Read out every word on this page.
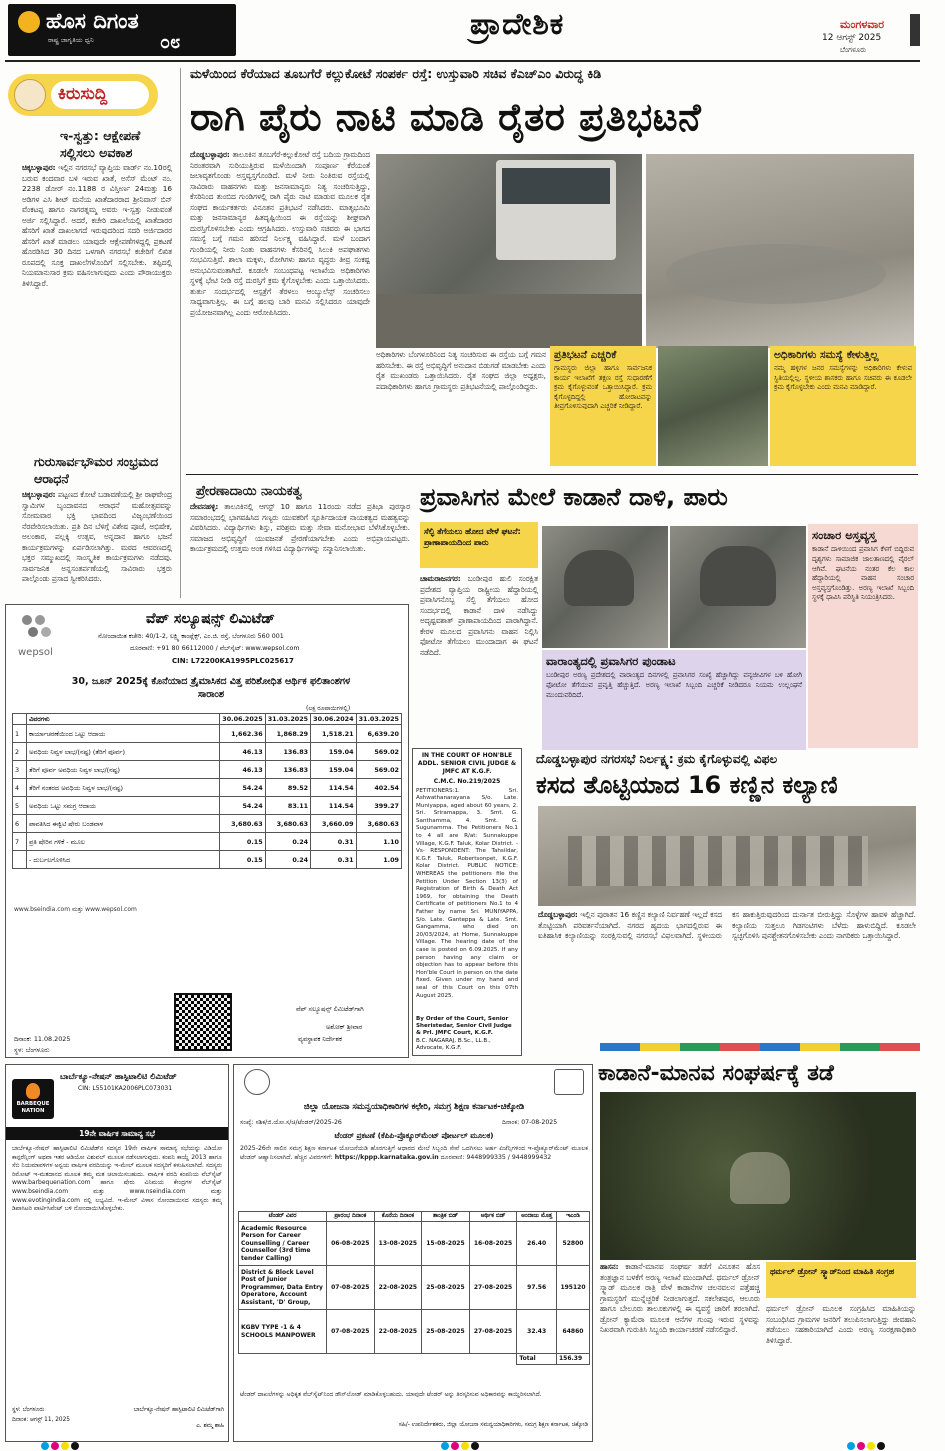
ಹೊಸ ದಿಗಂತ
ರಾಷ್ಟ್ರ ಜಾಗೃತಿಯ ಧ್ವನಿ	೦೮
ಪ್ರಾದೇಶಿಕ	ಮಂಗಳವಾರ
12 ಆಗಸ್ಟ್ 2025
ಬೆಂಗಳೂರು
ಕಿರುಸುದ್ದಿ
ಇ-ಸ್ವತ್ತು: ಆಕ್ಷೇಪಣೆ ಸಲ್ಲಿಸಲು ಅವಕಾಶ
ಚಿಕ್ಕಬಳ್ಳಾಪುರ: ಇಲ್ಲಿನ ನಗರಸಭೆ ವ್ಯಾಪ್ತಿಯ ವಾರ್ಡ್ ನಂ.10ರಲ್ಲಿ ಬರುವ ಕಂದವಾರ ಬಳಿ ಇರುವ ಖಾತೆ, ಅಸೆಸ್ ಮೆಂಟ್ ನಂ. 2238 ಡೋರ್ ನಂ.1188 ರ ವಿಸ್ತೀರ್ಣ 24ಮತ್ತು 16 ಅಡಿಗಳ ಎಸಿ ಶೀಟ್ ಮನೆಯ ಖಾತೆದಾರರಾದ ಶ್ರೀನಿವಾಸ್ ಬಿನ್ ವೆಂಕಟಪ್ಪ ಹಾಗೂ ನಾಗರತ್ನಮ್ಮ ಅವರು ಇ-ಸ್ವತ್ತು ನೀಡುವಂತೆ ಅರ್ಜಿ ಸಲ್ಲಿಸಿದ್ದಾರೆ. ಅದರೆ, ಕಚೇರಿ ದಾಖಲೆಯಲ್ಲಿ ಖಾತೆದಾರರ ಹೆಸರಿಗೆ ಖಾತೆ ದಾಖಲಾಗದೆ ಇರುವುದರಿಂದ ಸದರಿ ಅರ್ಜಿದಾರರ ಹೆಸರಿಗೆ ಖಾತೆ ಮಾಡಲು ಯಾವುದೇ ಆಕ್ಷೇಪಣೆಗಳಿದ್ದಲ್ಲಿ ಪ್ರಕಟಣೆ ಹೊರಡಿಸಿದ 30 ದಿನದ ಒಳಗಾಗಿ ನಗರಸಭೆ ಕಚೇರಿಗೆ ಲಿಖಿತ ರೂಪದಲ್ಲಿ ಸೂಕ್ತ ದಾಖಲೆಗಳೊಂದಿಗೆ ಸಲ್ಲಿಸಬೇಕು. ತಪ್ಪಿದಲ್ಲಿ ನಿಯಮಾನುಸಾರ ಕ್ರಮ ವಹಿಸಲಾಗುವುದು ಎಂದು ಪೌರಾಯುಕ್ತರು ತಿಳಿಸಿದ್ದಾರೆ.
ಗುರುಸಾರ್ವಭೌಮರ ಸಂಭ್ರಮದ ಆರಾಧನೆ
ಚಿಕ್ಕಬಳ್ಳಾಪುರ: ಪಟ್ಟಣದ ಕೋಟೆ ಬಡಾವಣೆಯಲ್ಲಿ ಶ್ರೀ ರಾಘವೇಂದ್ರ ಸ್ವಾಮಿಗಳ ಬೃಂದಾವನದ ಆರಾಧನೆ ಮಹೋತ್ಸವವನ್ನು ಸೋಮವಾರ ಭಕ್ತಿ ಭಾವದಿಂದ ವಿಜೃಂಭಣೆಯಿಂದ ನೆರವೇರಿಸಲಾಯಿತು. ಪ್ರತಿ ದಿನ ಬೆಳಿಗ್ಗೆ ವಿಶೇಷ ಪೂಜೆ, ಅಭಿಷೇಕ, ಅಲಂಕಾರ, ಪಲ್ಲಕ್ಕಿ ಉತ್ಸವ, ಅನ್ನದಾನ ಹಾಗೂ ಭಜನೆ ಕಾರ್ಯಕ್ರಮಗಳನ್ನು ಏರ್ಪಡಿಸಲಾಗಿತ್ತು. ಮಠದ ಆವರಣದಲ್ಲಿ ಭಕ್ತರ ಸಮ್ಮುಖದಲ್ಲಿ ಸಾಂಸ್ಕೃತಿಕ ಕಾರ್ಯಕ್ರಮಗಳು ನಡೆದವು. ಸಾರ್ವಜನಿಕ ಅನ್ನಸಂತರ್ಪಣೆಯಲ್ಲಿ ಸಾವಿರಾರು ಭಕ್ತರು ಪಾಲ್ಗೊಂಡು ಪ್ರಸಾದ ಸ್ವೀಕರಿಸಿದರು.
ಮಳೆಯಿಂದ ಕೆರೆಯಾದ ತೂಬಗೆರೆ ಕಲ್ಲುಕೋಟೆ ಸಂಪರ್ಕ ರಸ್ತೆ: ಉಸ್ತುವಾರಿ ಸಚಿವ ಕೆಎಚ್ಎಂ ವಿರುದ್ಧ ಕಿಡಿ
ರಾಗಿ ಪೈರು ನಾಟಿ ಮಾಡಿ ರೈತರ ಪ್ರತಿಭಟನೆ
ದೊಡ್ಡಬಳ್ಳಾಪುರ: ತಾಲೂಕಿನ ತೂಬಗೆರೆ-ಕಲ್ಲುಕೋಟೆ ರಸ್ತೆ ಬದಿಯ ಗ್ರಾಮದಿಂದ ನಿರಂತರವಾಗಿ ಸುರಿಯುತ್ತಿರುವ ಮಳೆಯಿಂದಾಗಿ ಸಂಪೂರ್ಣ ಕೆರೆಯಂತೆ ಜಲಾವೃತಗೊಂಡು ಅಸ್ತವ್ಯಸ್ತಗೊಂಡಿದೆ. ಮಳೆ ನೀರು ನಿಂತಿರುವ ರಸ್ತೆಯಲ್ಲಿ ಸಾವಿರಾರು ವಾಹನಗಳು ಮತ್ತು ಜನಸಾಮಾನ್ಯರು ನಿತ್ಯ ಸಂಚರಿಸುತ್ತಿದ್ದು, ಕೆಸರಿನಿಂದ ತುಂಬಿದ ಗುಂಡಿಗಳಲ್ಲಿ ರಾಗಿ ಪೈರು ನಾಟಿ ಮಾಡುವ ಮೂಲಕ ರೈತ ಸಂಘದ ಕಾರ್ಯಕರ್ತರು ವಿನೂತನ ಪ್ರತಿಭಟನೆ ನಡೆಸಿದರು. ಮಾತೃಭೂಮಿ ಮತ್ತು ಜನಸಾಮಾನ್ಯರ ಹಿತದೃಷ್ಟಿಯಿಂದ ಈ ರಸ್ತೆಯನ್ನು ಶೀಘ್ರವಾಗಿ ದುರಸ್ತಿಗೊಳಿಸಬೇಕು ಎಂದು ಆಗ್ರಹಿಸಿದರು. ಉಸ್ತುವಾರಿ ಸಚಿವರು ಈ ಭಾಗದ ಸಮಸ್ಯೆ ಬಗ್ಗೆ ಗಮನ ಹರಿಸದೆ ನಿರ್ಲಕ್ಷ್ಯ ವಹಿಸಿದ್ದಾರೆ. ಮಳೆ ಬಂದಾಗ ಗುಂಡಿಯಲ್ಲಿ ನೀರು ನಿಂತು ವಾಹನಗಳು ಕೆಸರಿನಲ್ಲಿ ಸಿಲುಕಿ ಅಪಘಾತಗಳು ಸಂಭವಿಸುತ್ತಿವೆ. ಶಾಲಾ ಮಕ್ಕಳು, ರೋಗಿಗಳು ಹಾಗೂ ವೃದ್ಧರು ತೀವ್ರ ಸಂಕಷ್ಟ ಅನುಭವಿಸುವಂತಾಗಿದೆ. ಕೂಡಲೇ ಸಂಬಂಧಪಟ್ಟ ಇಲಾಖೆಯ ಅಧಿಕಾರಿಗಳು ಸ್ಥಳಕ್ಕೆ ಭೇಟಿ ನೀಡಿ ರಸ್ತೆ ದುರಸ್ತಿಗೆ ಕ್ರಮ ಕೈಗೊಳ್ಳಬೇಕು ಎಂದು ಒತ್ತಾಯಿಸಿದರು. ತುರ್ತು ಸಂದರ್ಭದಲ್ಲಿ ಆಸ್ಪತ್ರೆಗೆ ತೆರಳಲು ಆಂಬ್ಯುಲೆನ್ಸ್ ಸಂಚರಿಸಲು ಸಾಧ್ಯವಾಗುತ್ತಿಲ್ಲ. ಈ ಬಗ್ಗೆ ಹಲವು ಬಾರಿ ಮನವಿ ಸಲ್ಲಿಸಿದರೂ ಯಾವುದೇ ಪ್ರಯೋಜನವಾಗಿಲ್ಲ ಎಂದು ಆರೋಪಿಸಿದರು.
ಅಧಿಕಾರಿಗಳು ಬೆಂಗಳೂರಿನಿಂದ ನಿತ್ಯ ಸಂಚರಿಸುವ ಈ ರಸ್ತೆಯ ಬಗ್ಗೆ ಗಮನ ಹರಿಸಬೇಕು. ಈ ರಸ್ತೆ ಅಭಿವೃದ್ಧಿಗೆ ಅನುದಾನ ಬಿಡುಗಡೆ ಮಾಡಬೇಕು ಎಂದು ರೈತ ಮುಖಂಡರು ಒತ್ತಾಯಿಸಿದರು. ರೈತ ಸಂಘದ ಜಿಲ್ಲಾ ಅಧ್ಯಕ್ಷರು, ಪದಾಧಿಕಾರಿಗಳು ಹಾಗೂ ಗ್ರಾಮಸ್ಥರು ಪ್ರತಿಭಟನೆಯಲ್ಲಿ ಪಾಲ್ಗೊಂಡಿದ್ದರು.
ಪ್ರತಿಭಟನೆ ಎಚ್ಚರಿಕೆ
ಗ್ರಾಮಸ್ಥರು ಜಿಲ್ಲಾ ಹಾಗೂ ಸಾರ್ವಜನಿಕ ಕಾರ್ಯ ಇಲಾಖೆಗೆ ತಕ್ಷಣ ರಸ್ತೆ ಸುಧಾರಣೆಗೆ ಕ್ರಮ ಕೈಗೊಳ್ಳುವಂತೆ ಒತ್ತಾಯಿಸಿದ್ದಾರೆ. ಕ್ರಮ ಕೈಗೊಳ್ಳದಿದ್ದಲ್ಲಿ ಹೋರಾಟವನ್ನು ತೀವ್ರಗೊಳಿಸುವುದಾಗಿ ಎಚ್ಚರಿಕೆ ನೀಡಿದ್ದಾರೆ.
ಅಧಿಕಾರಿಗಳು ಸಮಸ್ಯೆ ಕೇಳುತ್ತಿಲ್ಲ
ನಮ್ಮ ಹಳ್ಳಿಗಳ ಜನರ ಸಮಸ್ಯೆಗಳನ್ನು ಅಧಿಕಾರಿಗಳು ಕೇಳುವ ಸ್ಥಿತಿಯಲ್ಲಿಲ್ಲ. ಸ್ಥಳೀಯ ಶಾಸಕರು ಹಾಗೂ ಸಚಿವರು ಈ ಕೂಡಲೇ ಕ್ರಮ ಕೈಗೊಳ್ಳಬೇಕು ಎಂದು ಮನವಿ ಮಾಡಿದ್ದಾರೆ.
ಪ್ರೇರಣಾದಾಯಿ ನಾಯಕತ್ವ
ದೇವನಹಳ್ಳಿ: ತಾಲೂಕಿನಲ್ಲಿ ಆಗಸ್ಟ್ 10 ಹಾಗೂ 11ರಂದು ನಡೆದ ಪ್ರತಿಭಾ ಪುರಸ್ಕಾರ ಸಮಾರಂಭದಲ್ಲಿ ಭಾಗವಹಿಸಿದ ಗಣ್ಯರು ಯುವಕರಿಗೆ ಸ್ಪೂರ್ತಿದಾಯಕ ನಾಯಕತ್ವದ ಮಹತ್ವವನ್ನು ವಿವರಿಸಿದರು. ವಿದ್ಯಾರ್ಥಿಗಳು ಶಿಸ್ತು, ಪರಿಶ್ರಮ ಮತ್ತು ಸೇವಾ ಮನೋಭಾವ ಬೆಳೆಸಿಕೊಳ್ಳಬೇಕು. ಸಮಾಜದ ಅಭಿವೃದ್ಧಿಗೆ ಯುವಜನತೆ ಪ್ರೇರಣೆಯಾಗಬೇಕು ಎಂದು ಅಭಿಪ್ರಾಯಪಟ್ಟರು. ಕಾರ್ಯಕ್ರಮದಲ್ಲಿ ಉತ್ತಮ ಅಂಕ ಗಳಿಸಿದ ವಿದ್ಯಾರ್ಥಿಗಳನ್ನು ಸನ್ಮಾನಿಸಲಾಯಿತು.
ಪ್ರವಾಸಿಗನ ಮೇಲೆ ಕಾಡಾನೆ ದಾಳಿ, ಪಾರು
ಸೆಲ್ಫಿ ತೆಗೆಯಲು ಹೋದ ವೇಳೆ ಘಟನೆ: ಪ್ರಾಣಾಪಾಯದಿಂದ ಪಾರು
ಚಾಮರಾಜನಗರ: ಬಂಡೀಪುರ ಹುಲಿ ಸಂರಕ್ಷಿತ ಪ್ರದೇಶದ ವ್ಯಾಪ್ತಿಯ ರಾಷ್ಟ್ರೀಯ ಹೆದ್ದಾರಿಯಲ್ಲಿ ಪ್ರವಾಸಿಗನೊಬ್ಬ ಸೆಲ್ಫಿ ತೆಗೆಯಲು ಹೋದ ಸಂದರ್ಭದಲ್ಲಿ ಕಾಡಾನೆ ದಾಳಿ ನಡೆಸಿದ್ದು ಅದೃಷ್ಟವಶಾತ್ ಪ್ರಾಣಾಪಾಯದಿಂದ ಪಾರಾಗಿದ್ದಾನೆ. ಕೇರಳ ಮೂಲದ ಪ್ರವಾಸಿಗನು ವಾಹನ ನಿಲ್ಲಿಸಿ ಫೋಟೋ ತೆಗೆಯಲು ಮುಂದಾದಾಗ ಈ ಘಟನೆ ನಡೆದಿದೆ.
ಸಂಚಾರ ಅಸ್ತವ್ಯಸ್ತ
ಕಾಡಾನೆ ದಾಳಿಯಿಂದ ಪ್ರವಾಸಿಗ ಕೆಳಗೆ ಬಿದ್ದಿರುವ ದೃಶ್ಯಗಳು ಸಾಮಾಜಿಕ ಜಾಲತಾಣದಲ್ಲಿ ವೈರಲ್ ಆಗಿವೆ. ಘಟನೆಯ ನಂತರ ಕೆಲ ಕಾಲ ಹೆದ್ದಾರಿಯಲ್ಲಿ ವಾಹನ ಸಂಚಾರ ಅಸ್ತವ್ಯಸ್ತಗೊಂಡಿತ್ತು. ಅರಣ್ಯ ಇಲಾಖೆ ಸಿಬ್ಬಂದಿ ಸ್ಥಳಕ್ಕೆ ಧಾವಿಸಿ ಪರಿಸ್ಥಿತಿ ನಿಯಂತ್ರಿಸಿದರು.
ವಾರಾಂತ್ಯದಲ್ಲಿ ಪ್ರವಾಸಿಗರ ಪುಂಡಾಟ
ಬಂಡೀಪುರ ಅರಣ್ಯ ಪ್ರದೇಶದಲ್ಲಿ ವಾರಾಂತ್ಯದ ದಿನಗಳಲ್ಲಿ ಪ್ರವಾಸಿಗರ ಸಂಖ್ಯೆ ಹೆಚ್ಚಾಗಿದ್ದು ವನ್ಯಜೀವಿಗಳ ಬಳಿ ಹೋಗಿ ಫೋಟೋ ತೆಗೆಯುವ ಪ್ರವೃತ್ತಿ ಹೆಚ್ಚುತ್ತಿದೆ. ಅರಣ್ಯ ಇಲಾಖೆ ಸಿಬ್ಬಂದಿ ಎಚ್ಚರಿಕೆ ನೀಡಿದರೂ ನಿಯಮ ಉಲ್ಲಂಘನೆ ಮುಂದುವರಿದಿದೆ.
wepsol
ವೆಪ್ ಸಲ್ಯೂಷನ್ಸ್ ಲಿಮಿಟೆಡ್
ನೋಂದಾಯಿತ ಕಚೇರಿ: 40/1-2, ಲಕ್ಷ್ಮಿ ಕಾಂಪ್ಲೆಕ್ಸ್, ಎಂ.ಜಿ. ರಸ್ತೆ, ಬೆಂಗಳೂರು 560 001
ದೂರವಾಣಿ: +91 80 66112000 / ವೆಬ್‌ಸೈಟ್: www.wepsol.com
CIN: L72200KA1995PLC025617
30, ಜೂನ್ 2025ಕ್ಕೆ ಕೊನೆಯಾದ ತ್ರೈಮಾಸಿಕದ ವಿತ್ತ ಪರಿಶೋಧಿತ ಆರ್ಥಿಕ ಫಲಿತಾಂಶಗಳ ಸಾರಾಂಶ
(ಲಕ್ಷ ರೂಪಾಯಿಗಳಲ್ಲಿ)
	ವಿವರಗಳು	30.06.2025	31.03.2025	30.06.2024	31.03.2025
1	ಕಾರ್ಯಾಚರಣೆಯಿಂದ ಒಟ್ಟು ಆದಾಯ	1,662.36	1,868.29	1,518.21	6,639.20
2	ಅವಧಿಯ ನಿವ್ವಳ ಲಾಭ/(ನಷ್ಟ) (ತೆರಿಗೆ ಪೂರ್ವ)	46.13	136.83	159.04	569.02
3	ತೆರಿಗೆ ಪೂರ್ವ ಅವಧಿಯ ನಿವ್ವಳ ಲಾಭ/(ನಷ್ಟ)	46.13	136.83	159.04	569.02
4	ತೆರಿಗೆ ನಂತರದ ಅವಧಿಯ ನಿವ್ವಳ ಲಾಭ/(ನಷ್ಟ)	54.24	89.52	114.54	402.54
5	ಅವಧಿಯ ಒಟ್ಟು ಸಮಗ್ರ ಆದಾಯ	54.24	83.11	114.54	399.27
6	ಪಾವತಿಸಿದ ಈಕ್ವಿಟಿ ಷೇರು ಬಂಡವಾಳ	3,680.63	3,680.63	3,660.09	3,680.63
7	ಪ್ರತಿ ಷೇರಿನ ಗಳಿಕೆ - ಮೂಲ	0.15	0.24	0.31	1.10
	- ದುರ್ಬಲಗೊಳಿಸಿದ	0.15	0.24	0.31	1.09
www.bseindia.com ಮತ್ತು www.wepsol.com
ವೆಪ್ ಸಲ್ಯೂಷನ್ಸ್ ಲಿಮಿಟೆಡ್‌ಗಾಗಿ
ಅಶೋಕ್ ಶ್ರೀವಾರ
ವ್ಯವಸ್ಥಾಪಕ ನಿರ್ದೇಶಕ
ದಿನಾಂಕ: 11.08.2025
ಸ್ಥಳ: ಬೆಂಗಳೂರು
IN THE COURT OF HON'BLE ADDL. SENIOR CIVIL JUDGE & JMFC AT K.G.F.
C.M.C. No.219/2025
PETITIONERS:1. Sri. Ashwathanarayana S/o. Late. Muniyappa, aged about 60 years, 2. Sri. Sriramappa, 3. Smt. G. Santhamma, 4. Smt. G. Sugunamma. The Petitioners No.1 to 4 all are R/at: Sunnakuppe Village, K.G.F. Taluk, Kolar District. -Vs- RESPONDENT: The Tahsildar, K.G.F. Taluk, Robertsonpet, K.G.F. Kolar District. PUBLIC NOTICE: WHEREAS the petitioners file the Petition Under Section 13(3) of Registration of Birth & Death Act 1969, for obtaining the Death Certificate of petitioners No.1 to 4 Father by name Sri. MUNIYAPPA, S/o. Late. Ganteppa & Late. Smt. Gangamma, who died on 20/03/2024, at Home, Sunnakuppe Village. The hearing date of the case is posted on 6.09.2025. If any person having any claim or objection has to appear before this Hon'ble Court in person on the date fixed. Given under my hand and seal of this Court on this 07th August 2025.
By Order of the Court, Senior Sheristedar, Senior Civil Judge & Prl. JMFC Court, K.G.F.
B.C. NAGARAJ, B.Sc., LL.B., Advocate, K.G.F.
ದೊಡ್ಡಬಳ್ಳಾಪುರ ನಗರಸಭೆ ನಿರ್ಲಕ್ಷ್ಯ: ಕ್ರಮ ಕೈಗೊಳ್ಳುವಲ್ಲಿ ವಿಫಲ
ಕಸದ ತೊಟ್ಟಿಯಾದ 16 ಕಣ್ಣಿನ ಕಲ್ಯಾಣಿ
ದೊಡ್ಡಬಳ್ಳಾಪುರ: ಇಲ್ಲಿನ ಪುರಾತನ 16 ಕಣ್ಣಿನ ಕಲ್ಯಾಣಿ ನಿರ್ವಹಣೆ ಇಲ್ಲದೆ ಕಸದ ತೊಟ್ಟಿಯಾಗಿ ಪರಿವರ್ತನೆಯಾಗಿದೆ. ನಗರದ ಹೃದಯ ಭಾಗದಲ್ಲಿರುವ ಈ ಐತಿಹಾಸಿಕ ಕಲ್ಯಾಣಿಯನ್ನು ಸಂರಕ್ಷಿಸುವಲ್ಲಿ ನಗರಸಭೆ ವಿಫಲವಾಗಿದೆ. ಸ್ಥಳೀಯರು ಕಸ ಹಾಕುತ್ತಿರುವುದರಿಂದ ದುರ್ನಾತ ಬೀರುತ್ತಿದ್ದು ಸೊಳ್ಳೆಗಳ ಹಾವಳಿ ಹೆಚ್ಚಾಗಿದೆ. ಕಲ್ಯಾಣಿಯ ಸುತ್ತಲೂ ಗಿಡಗಂಟಿಗಳು ಬೆಳೆದು ಹಾಳುಬಿದ್ದಿದೆ. ಕೂಡಲೇ ಸ್ವಚ್ಛಗೊಳಿಸಿ ಪುನಶ್ಚೇತನಗೊಳಿಸಬೇಕು ಎಂದು ನಾಗರಿಕರು ಒತ್ತಾಯಿಸಿದ್ದಾರೆ.
ಕಾಡಾನೆ-ಮಾನವ ಸಂಘರ್ಷಕ್ಕೆ ತಡೆ
ಹಾಸನ: ಕಾಡಾನೆ-ಮಾನವ ಸಂಘರ್ಷ ತಡೆಗೆ ವಿನೂತನ ಹೊಸ ತಂತ್ರಜ್ಞಾನ ಬಳಕೆಗೆ ಅರಣ್ಯ ಇಲಾಖೆ ಮುಂದಾಗಿದೆ. ಥರ್ಮಲ್ ಡ್ರೋನ್ ಸ್ಕ್ವಾಡ್ ಮೂಲಕ ರಾತ್ರಿ ವೇಳೆ ಕಾಡಾನೆಗಳ ಚಲನವಲನ ಪತ್ತೆಹಚ್ಚಿ ಗ್ರಾಮಸ್ಥರಿಗೆ ಮುನ್ನೆಚ್ಚರಿಕೆ ನೀಡಲಾಗುತ್ತದೆ. ಸಕಲೇಶಪುರ, ಆಲೂರು ಹಾಗೂ ಬೇಲೂರು ತಾಲೂಕುಗಳಲ್ಲಿ ಈ ವ್ಯವಸ್ಥೆ ಜಾರಿಗೆ ತರಲಾಗಿದೆ. ಡ್ರೋನ್ ಕ್ಯಾಮೆರಾ ಮೂಲಕ ಆನೆಗಳ ಗುಂಪು ಇರುವ ಸ್ಥಳವನ್ನು ನಿಖರವಾಗಿ ಗುರುತಿಸಿ ಸಿಬ್ಬಂದಿ ಕಾರ್ಯಾಚರಣೆ ನಡೆಸಲಿದ್ದಾರೆ.
ಥರ್ಮಲ್ ಡ್ರೋನ್ ಸ್ಕ್ವಾಡ್‌ನಿಂದ ಮಾಹಿತಿ ಸಂಗ್ರಹ
ಥರ್ಮಲ್ ಡ್ರೋನ್ ಮೂಲಕ ಸಂಗ್ರಹಿಸಿದ ಮಾಹಿತಿಯನ್ನು ಸಂಬಂಧಿಸಿದ ಗ್ರಾಮಗಳ ಜನರಿಗೆ ತಲುಪಿಸಲಾಗುತ್ತಿದ್ದು ಜೀವಹಾನಿ ತಡೆಯಲು ಸಹಕಾರಿಯಾಗಿದೆ ಎಂದು ಅರಣ್ಯ ಸಂರಕ್ಷಣಾಧಿಕಾರಿ ತಿಳಿಸಿದ್ದಾರೆ.
BARBEQUE NATION
ಬಾರ್ಬೆಕ್ಯೂ-ನೇಷನ್ ಹಾಸ್ಪಿಟಾಲಿಟಿ ಲಿಮಿಟೆಡ್
CIN: L55101KA2006PLC073031
19ನೇ ವಾರ್ಷಿಕ ಸಾಮಾನ್ಯ ಸಭೆ
ಬಾರ್ಬೆಕ್ಯೂ-ನೇಷನ್ ಹಾಸ್ಪಿಟಾಲಿಟಿ ಲಿಮಿಟೆಡ್‌ನ ಸದಸ್ಯರ 19ನೇ ವಾರ್ಷಿಕ ಸಾಮಾನ್ಯ ಸಭೆಯನ್ನು ವಿಡಿಯೋ ಕಾನ್ಫರೆನ್ಸಿಂಗ್ ಅಥವಾ ಇತರ ಆಡಿಯೋ ವಿಶುವಲ್ ಮೂಲಕ ನಡೆಸಲಾಗುವುದು. ಕಂಪನಿ ಕಾಯ್ದೆ 2013 ಹಾಗೂ ಸೆಬಿ ನಿಯಮಾವಳಿಗಳ ಅನ್ವಯ ವಾರ್ಷಿಕ ವರದಿಯನ್ನು ಇ-ಮೇಲ್ ಮೂಲಕ ಸದಸ್ಯರಿಗೆ ಕಳುಹಿಸಲಾಗಿದೆ. ಸದಸ್ಯರು ರಿಮೋಟ್ ಇ-ಮತದಾನದ ಮೂಲಕ ತಮ್ಮ ಮತ ಚಲಾಯಿಸಬಹುದು. ವಾರ್ಷಿಕ ವರದಿ ಕಂಪನಿಯ ವೆಬ್‌ಸೈಟ್ www.barbequenation.com ಹಾಗೂ ಷೇರು ವಿನಿಮಯ ಕೇಂದ್ರಗಳ ವೆಬ್‌ಸೈಟ್ www.bseindia.com ಮತ್ತು www.nseindia.com ಮತ್ತು www.evotingindia.com ನಲ್ಲಿ ಲಭ್ಯವಿದೆ. ಇ-ಮೇಲ್ ವಿಳಾಸ ನೋಂದಾಯಿಸದ ಸದಸ್ಯರು ತಮ್ಮ ಡಿಪಾಸಿಟರಿ ಪಾರ್ಟಿಸಿಪೆಂಟ್ ಬಳಿ ನೋಂದಾಯಿಸಿಕೊಳ್ಳಬೇಕು.
ಸ್ಥಳ: ಬೆಂಗಳೂರು
ದಿನಾಂಕ: ಆಗಸ್ಟ್ 11, 2025
ಬಾರ್ಬೆಕ್ಯೂ-ನೇಷನ್ ಹಾಸ್ಪಿಟಾಲಿಟಿ ಲಿಮಿಟೆಡ್‌ಗಾಗಿ
ಎ. ಶಮ್ಮ ಶಾಹಿ
ಜಿಲ್ಲಾ ಯೋಜನಾ ಸಮನ್ವಯಾಧಿಕಾರಿಗಳ ಕಛೇರಿ, ಸಮಗ್ರ ಶಿಕ್ಷಣ ಕರ್ನಾಟಕ-ಚಿಕ್ಕೋಡಿ
ಸಂಖ್ಯೆ: ಸಶಿಕ/ಜಿ.ಯೋ.ಸ/ಚಿ/ಟೆಂಡರ್/2025-26	ದಿನಾಂಕ: 07-08-2025
ಟೆಂಡರ್ ಪ್ರಕಟಣೆ (ಕೆಪಿಪಿ-ಪ್ರೊಕ್ಯೂರ್‌ಮೆಂಟ್ ಪೋರ್ಟಲ್ ಮೂಲಕ)
2025-26ನೇ ಸಾಲಿನ ಸಮಗ್ರ ಶಿಕ್ಷಣ ಕರ್ನಾಟಕ ಯೋಜನೆಯಡಿ ಹೊರಗುತ್ತಿಗೆ ಆಧಾರದ ಮೇಲೆ ಸಿಬ್ಬಂದಿ ಸೇವೆ ಒದಗಿಸಲು ಅರ್ಹ ಏಜೆನ್ಸಿಗಳಿಂದ ಇ-ಪ್ರೊಕ್ಯೂರ್‌ಮೆಂಟ್ ಮೂಲಕ ಟೆಂಡರ್ ಆಹ್ವಾನಿಸಲಾಗಿದೆ. ಹೆಚ್ಚಿನ ವಿವರಗಳಿಗೆ: https://kppp.karnataka.gov.in ದೂರವಾಣಿ: 9448999335 / 9448999432
ಟೆಂಡರ್ ವಿವರ	ಪ್ರಾರಂಭ ದಿನಾಂಕ	ಕೊನೆಯ ದಿನಾಂಕ	ತಾಂತ್ರಿಕ ಬಿಡ್	ಆರ್ಥಿಕ ಬಿಡ್	ಅಂದಾಜು ಮೊತ್ತ	ಇಎಂಡಿ
Academic Resource Person for Career Counselling / Career Counsellor (3rd time tender Calling)	06-08-2025	13-08-2025	15-08-2025	16-08-2025	26.40	52800
District & Block Level Post of Junior Programmer, Data Entry Operatore, Account Assistant, 'D' Group,	07-08-2025	22-08-2025	25-08-2025	27-08-2025	97.56	195120
KGBV TYPE -1 & 4 SCHOOLS MANPOWER	07-08-2025	22-08-2025	25-08-2025	27-08-2025	32.43	64860
					Total	156.39
ಟೆಂಡರ್ ದಾಖಲೆಗಳನ್ನು ಅಧಿಕೃತ ವೆಬ್‌ಸೈಟ್‌ನಿಂದ ಡೌನ್‌ಲೋಡ್ ಮಾಡಿಕೊಳ್ಳಬಹುದು. ಯಾವುದೇ ಟೆಂಡರ್ ಅನ್ನು ತಿರಸ್ಕರಿಸುವ ಅಧಿಕಾರವನ್ನು ಕಾಯ್ದಿರಿಸಲಾಗಿದೆ.
ಸಹಿ/- ಉಪನಿರ್ದೇಶಕರು, ಜಿಲ್ಲಾ ಯೋಜನಾ ಸಮನ್ವಯಾಧಿಕಾರಿಗಳು, ಸಮಗ್ರ ಶಿಕ್ಷಣ ಕರ್ನಾಟಕ, ಚಿಕ್ಕೋಡಿ
